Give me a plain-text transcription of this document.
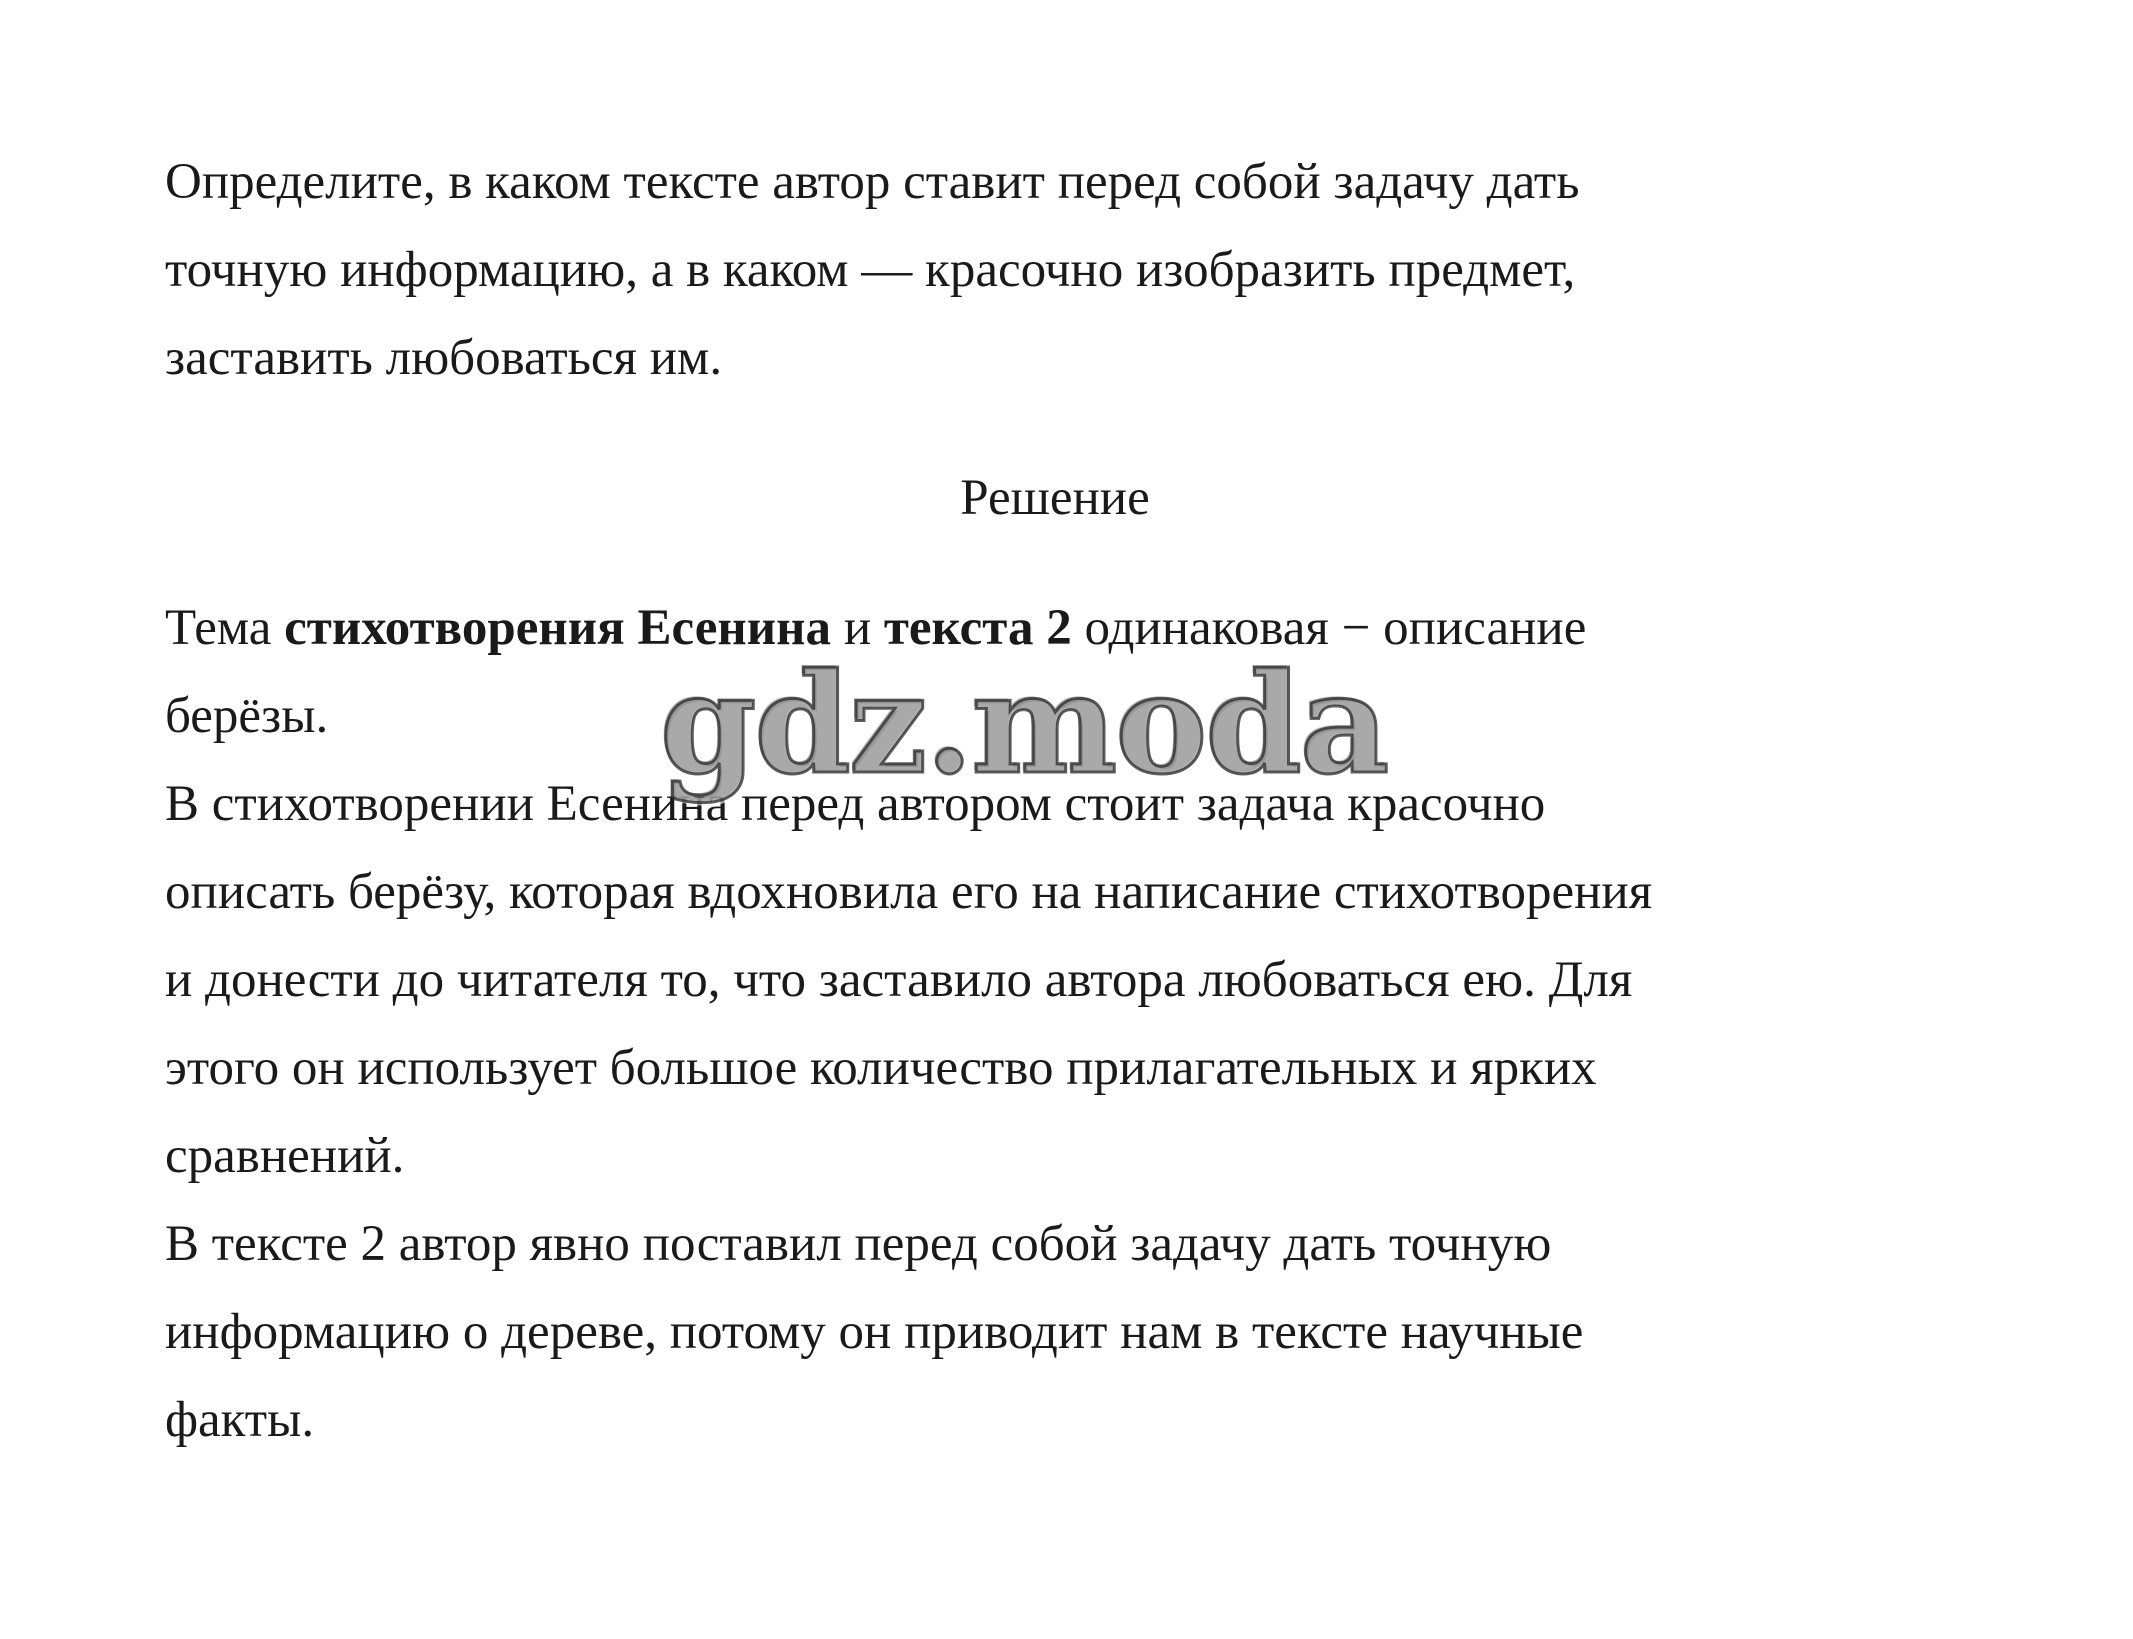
Определите, в каком тексте автор ставит перед собой задачу дать
точную информацию, а в каком — красочно изобразить предмет,
заставить любоваться им.
Решение
Тема стихотворения Есенина и текста 2 одинаковая − описание
берёзы.
В стихотворении Есенина перед автором стоит задача красочно
описать берёзу, которая вдохновила его на написание стихотворения
и донести до читателя то, что заставило автора любоваться ею. Для
этого он использует большое количество прилагательных и ярких
сравнений.
В тексте 2 автор явно поставил перед собой задачу дать точную
информацию о дереве, потому он приводит нам в тексте научные
факты.
gdz.moda
